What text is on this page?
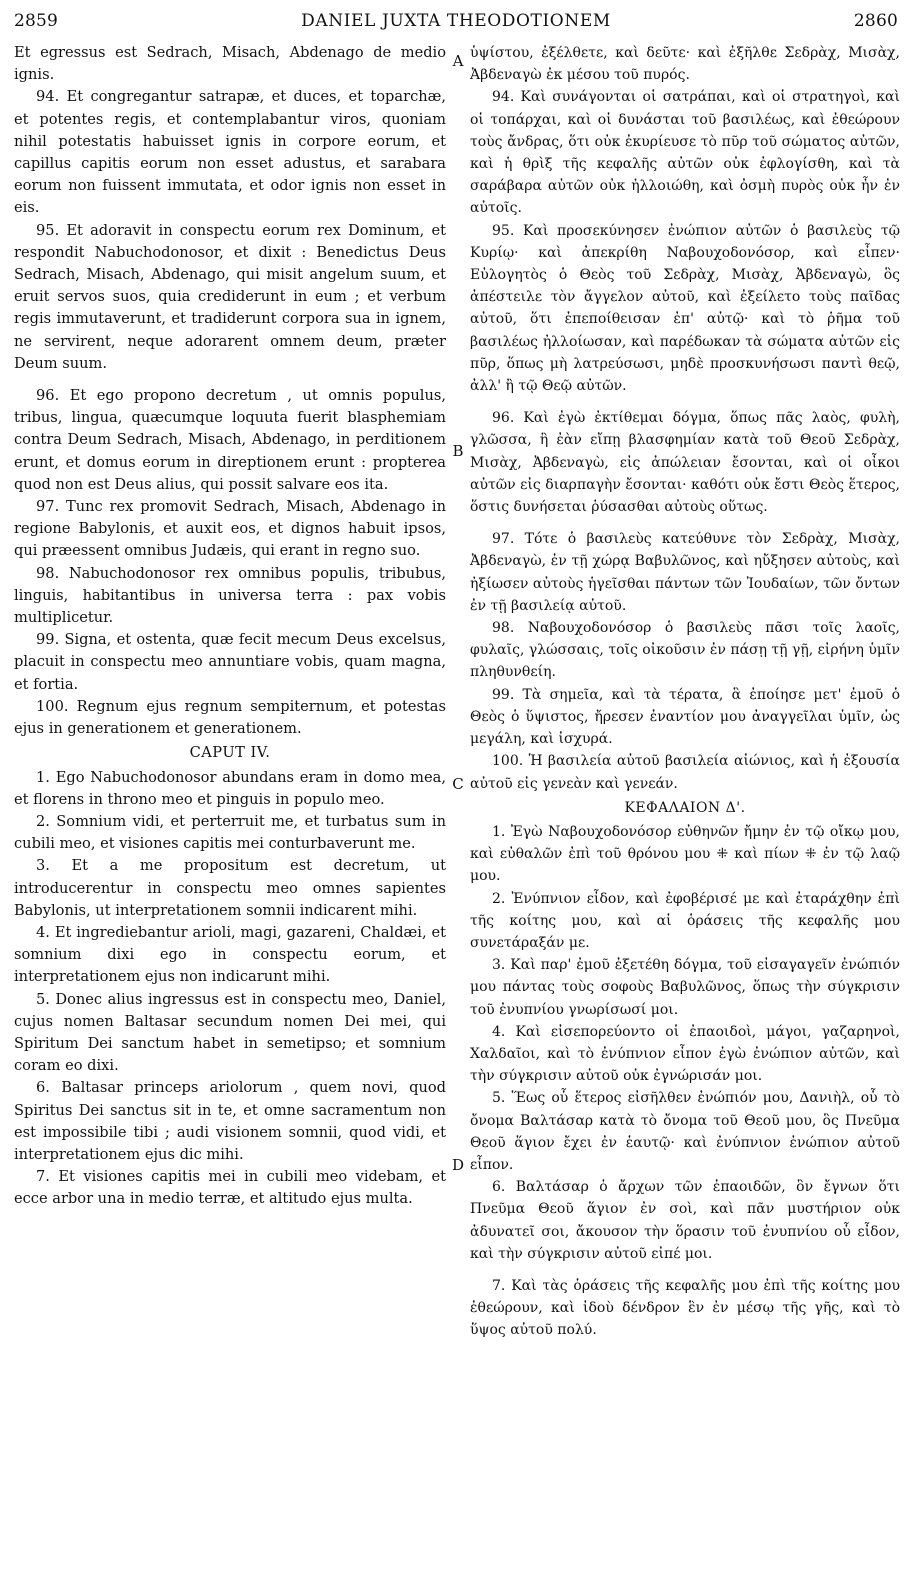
2859	DANIEL JUXTA THEODOTIONEM	2860
A
B
C
D

Et egressus est Sedrach, Misach, Abdenago de medio ignis.

94. Et congregantur satrapæ, et duces, et toparchæ, et potentes regis, et contemplabantur viros, quoniam nihil potestatis habuisset ignis in corpore eorum, et capillus capitis eorum non esset adustus, et sarabara eorum non fuissent immutata, et odor ignis non esset in eis.

95. Et adoravit in conspectu eorum rex Dominum, et respondit Nabuchodonosor, et dixit : Benedictus Deus Sedrach, Misach, Abdenago, qui misit angelum suum, et eruit servos suos, quia crediderunt in eum ; et verbum regis immutaverunt, et tradiderunt corpora sua in ignem, ne servirent, neque adorarent omnem deum, præter Deum suum.

96. Et ego propono decretum , ut omnis populus, tribus, lingua, quæcumque loquuta fuerit blasphemiam contra Deum Sedrach, Misach, Abdenago, in perditionem erunt, et domus eorum in direptionem erunt : propterea quod non est Deus alius, qui possit salvare eos ita.

97. Tunc rex promovit Sedrach, Misach, Abdenago in regione Babylonis, et auxit eos, et dignos habuit ipsos, qui præessent omnibus Judæis, qui erant in regno suo.

98. Nabuchodonosor rex omnibus populis, tribubus, linguis, habitantibus in universa terra : pax vobis multiplicetur.

99. Signa, et ostenta, quæ fecit mecum Deus excelsus, placuit in conspectu meo annuntiare vobis, quam magna, et fortia.

100. Regnum ejus regnum sempiternum, et potestas ejus in generationem et generationem.

CAPUT IV.

1. Ego Nabuchodonosor abundans eram in domo mea, et florens in throno meo et pinguis in populo meo.

2. Somnium vidi, et perterruit me, et turbatus sum in cubili meo, et visiones capitis mei conturbaverunt me.

3. Et a me propositum est decretum, ut introducerentur in conspectu meo omnes sapientes Babylonis, ut interpretationem somnii indicarent mihi.

4. Et ingrediebantur arioli, magi, gazareni, Chaldæi, et somnium dixi ego in conspectu eorum, et interpretationem ejus non indicarunt mihi.

5. Donec alius ingressus est in conspectu meo, Daniel, cujus nomen Baltasar secundum nomen Dei mei, qui Spiritum Dei sanctum habet in semetipso; et somnium coram eo dixi.

6. Baltasar princeps ariolorum , quem novi, quod Spiritus Dei sanctus sit in te, et omne sacramentum non est impossibile tibi ; audi visionem somnii, quod vidi, et interpretationem ejus dic mihi.

7. Et visiones capitis mei in cubili meo videbam, et ecce arbor una in medio terræ, et altitudo ejus multa.

ὑψίστου, ἐξέλθετε, καὶ δεῦτε· καὶ ἐξῆλθε Σεδρὰχ, Μισὰχ, Ἀβδεναγὼ ἐκ μέσου τοῦ πυρός.

94. Καὶ συνάγονται οἱ σατράπαι, καὶ οἱ στρατηγοὶ, καὶ οἱ τοπάρχαι, καὶ οἱ δυνάσται τοῦ βασιλέως, καὶ ἐθεώρουν τοὺς ἄνδρας, ὅτι οὐκ ἐκυρίευσε τὸ πῦρ τοῦ σώματος αὐτῶν, καὶ ἡ θρὶξ τῆς κεφαλῆς αὐτῶν οὐκ ἐφλογίσθη, καὶ τὰ σαράβαρα αὐτῶν οὐκ ἠλλοιώθη, καὶ ὀσμὴ πυρὸς οὐκ ἦν ἐν αὐτοῖς.

95. Καὶ προσεκύνησεν ἐνώπιον αὐτῶν ὁ βασιλεὺς τῷ Κυρίῳ· καὶ ἀπεκρίθη Ναβουχοδονόσορ, καὶ εἶπεν· Εὐλογητὸς ὁ Θεὸς τοῦ Σεδρὰχ, Μισὰχ, Ἀβδεναγὼ, ὃς ἀπέστειλε τὸν ἄγγελον αὐτοῦ, καὶ ἐξείλετο τοὺς παῖδας αὐτοῦ, ὅτι ἐπεποίθεισαν ἐπ' αὐτῷ· καὶ τὸ ῥῆμα τοῦ βασιλέως ἠλλοίωσαν, καὶ παρέδωκαν τὰ σώματα αὐτῶν εἰς πῦρ, ὅπως μὴ λατρεύσωσι, μηδὲ προσκυνήσωσι παντὶ θεῷ, ἀλλ' ἢ τῷ Θεῷ αὐτῶν.

96. Καὶ ἐγὼ ἐκτίθεμαι δόγμα, ὅπως πᾶς λαὸς, φυλὴ, γλῶσσα, ἣ ἐὰν εἴπῃ βλασφημίαν κατὰ τοῦ Θεοῦ Σεδρὰχ, Μισὰχ, Ἀβδεναγὼ, εἰς ἀπώλειαν ἔσονται, καὶ οἱ οἶκοι αὐτῶν εἰς διαρπαγὴν ἔσονται· καθότι οὐκ ἔστι Θεὸς ἕτερος, ὅστις δυνήσεται ῥύσασθαι αὐτοὺς οὕτως.

97. Τότε ὁ βασιλεὺς κατεύθυνε τὸν Σεδρὰχ, Μισὰχ, Ἀβδεναγὼ, ἐν τῇ χώρᾳ Βαβυλῶνος, καὶ ηὔξησεν αὐτοὺς, καὶ ἠξίωσεν αὐτοὺς ἡγεῖσθαι πάντων τῶν Ἰουδαίων, τῶν ὄντων ἐν τῇ βασιλείᾳ αὐτοῦ.

98. Ναβουχοδονόσορ ὁ βασιλεὺς πᾶσι τοῖς λαοῖς, φυλαῖς, γλώσσαις, τοῖς οἰκοῦσιν ἐν πάσῃ τῇ γῇ, εἰρήνη ὑμῖν πληθυνθείη.

99. Τὰ σημεῖα, καὶ τὰ τέρατα, ἃ ἐποίησε μετ' ἐμοῦ ὁ Θεὸς ὁ ὕψιστος, ἤρεσεν ἐναντίον μου ἀναγγεῖλαι ὑμῖν, ὡς μεγάλη, καὶ ἰσχυρά.

100. Ἡ βασιλεία αὐτοῦ βασιλεία αἰώνιος, καὶ ἡ ἐξουσία αὐτοῦ εἰς γενεὰν καὶ γενεάν.

ΚΕΦΑΛΑΙΟΝ Δ'.

1. Ἐγὼ Ναβουχοδονόσορ εὐθηνῶν ἤμην ἐν τῷ οἴκῳ μου, καὶ εὐθαλῶν ἐπὶ τοῦ θρόνου μου ⁜ καὶ πίων ⁜ ἐν τῷ λαῷ μου.

2. Ἐνύπνιον εἶδον, καὶ ἐφοβέρισέ με καὶ ἐταράχθην ἐπὶ τῆς κοίτης μου, καὶ αἱ ὁράσεις τῆς κεφαλῆς μου συνετάραξάν με.

3. Καὶ παρ' ἐμοῦ ἐξετέθη δόγμα, τοῦ εἰσαγαγεῖν ἐνώπιόν μου πάντας τοὺς σοφοὺς Βαβυλῶνος, ὅπως τὴν σύγκρισιν τοῦ ἐνυπνίου γνωρίσωσί μοι.

4. Καὶ εἰσεπορεύοντο οἱ ἐπαοιδοὶ, μάγοι, γαζαρηνοὶ, Χαλδαῖοι, καὶ τὸ ἐνύπνιον εἶπον ἐγὼ ἐνώπιον αὐτῶν, καὶ τὴν σύγκρισιν αὐτοῦ οὐκ ἐγνώρισάν μοι.

5. Ἕως οὗ ἕτερος εἰσῆλθεν ἐνώπιόν μου, Δανιὴλ, οὗ τὸ ὄνομα Βαλτάσαρ κατὰ τὸ ὄνομα τοῦ Θεοῦ μου, ὃς Πνεῦμα Θεοῦ ἅγιον ἔχει ἐν ἑαυτῷ· καὶ ἐνύπνιον ἐνώπιον αὐτοῦ εἶπον.

6. Βαλτάσαρ ὁ ἄρχων τῶν ἐπαοιδῶν, ὃν ἔγνων ὅτι Πνεῦμα Θεοῦ ἅγιον ἐν σοὶ, καὶ πᾶν μυστήριον οὐκ ἀδυνατεῖ σοι, ἄκουσον τὴν ὅρασιν τοῦ ἐνυπνίου οὗ εἶδον, καὶ τὴν σύγκρισιν αὐτοῦ εἰπέ μοι.

7. Καὶ τὰς ὁράσεις τῆς κεφαλῆς μου ἐπὶ τῆς κοίτης μου ἐθεώρουν, καὶ ἰδοὺ δένδρον ἓν ἐν μέσῳ τῆς γῆς, καὶ τὸ ὕψος αὐτοῦ πολύ.
